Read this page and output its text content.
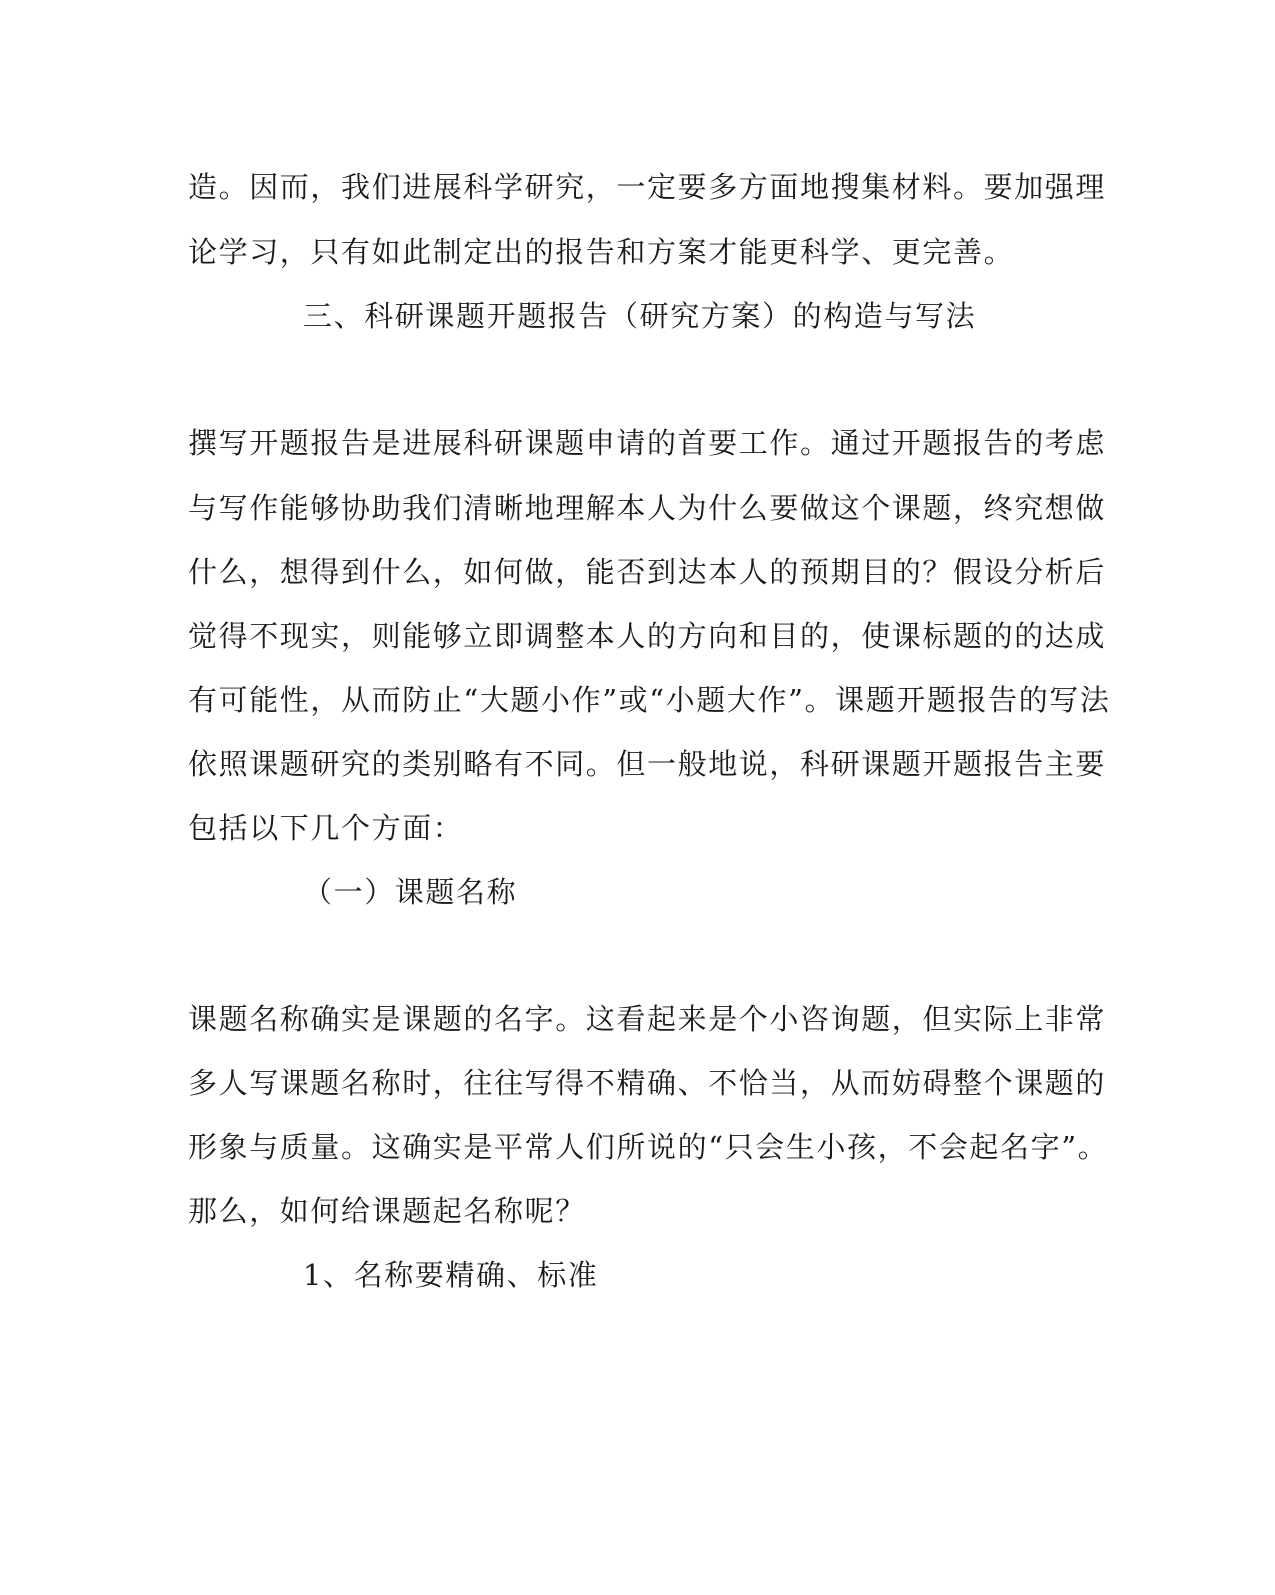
造。因而，我们进展科学研究，一定要多方面地搜集材料。要加强理
论学习，只有如此制定出的报告和方案才能更科学、更完善。
三、科研课题开题报告（研究方案）的构造与写法
撰写开题报告是进展科研课题申请的首要工作。通过开题报告的考虑
与写作能够协助我们清晰地理解本人为什么要做这个课题，终究想做
什么，想得到什么，如何做，能否到达本人的预期目的？假设分析后
觉得不现实，则能够立即调整本人的方向和目的，使课标题的的达成
有可能性，从而防止“大题小作”或“小题大作”。课题开题报告的写法
依照课题研究的类别略有不同。但一般地说，科研课题开题报告主要
包括以下几个方面：
（一）课题名称
课题名称确实是课题的名字。这看起来是个小咨询题，但实际上非常
多人写课题名称时，往往写得不精确、不恰当，从而妨碍整个课题的
形象与质量。这确实是平常人们所说的“只会生小孩，不会起名字”。
那么，如何给课题起名称呢？
1、名称要精确、标准
